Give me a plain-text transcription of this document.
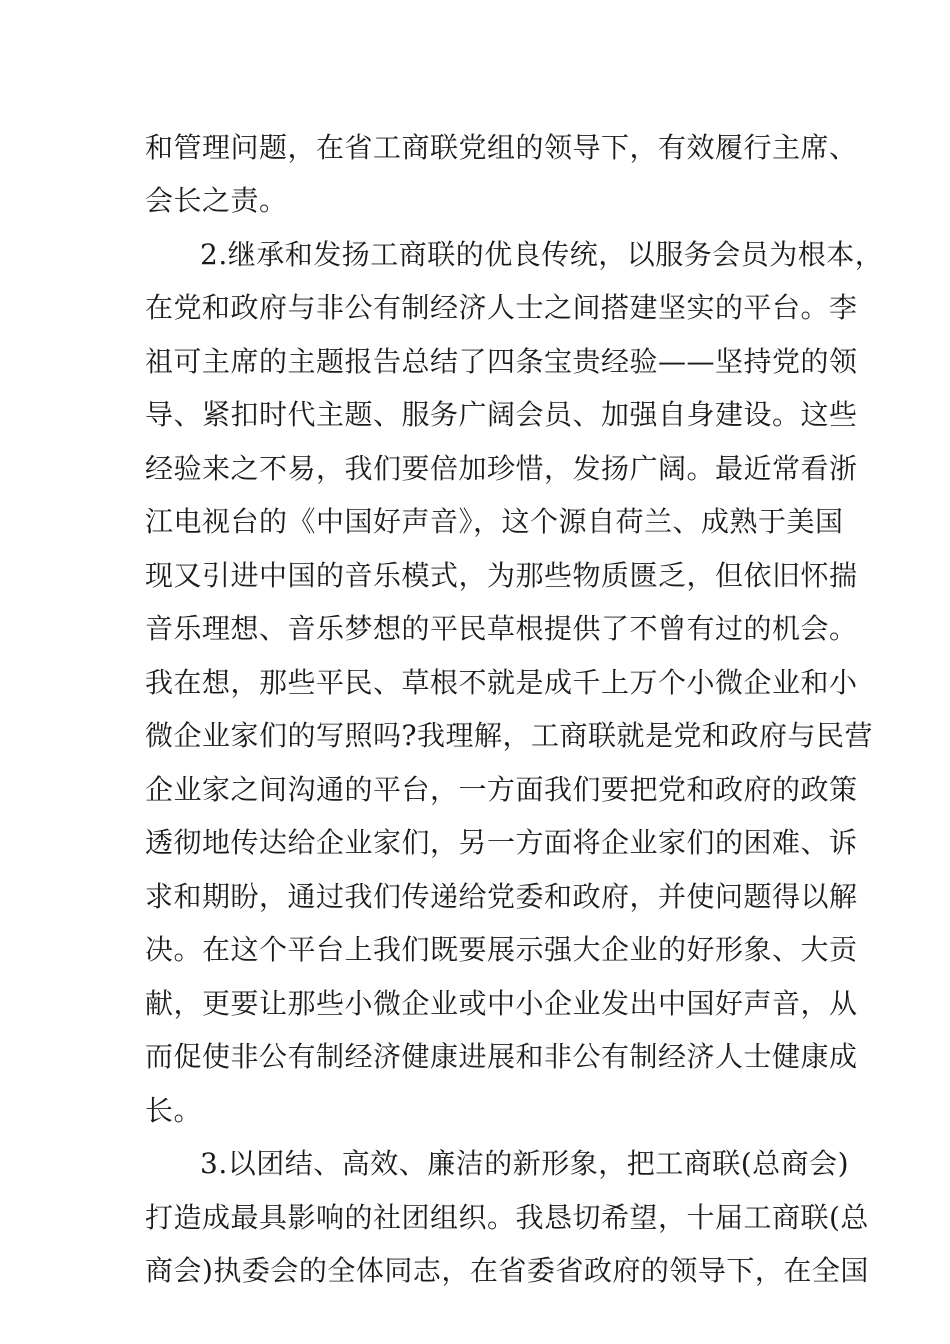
和管理问题，在省工商联党组的领导下，有效履行主席、
会长之责。
2.继承和发扬工商联的优良传统，以服务会员为根本，
在党和政府与非公有制经济人士之间搭建坚实的平台。李
祖可主席的主题报告总结了四条宝贵经验——坚持党的领
导、紧扣时代主题、服务广阔会员、加强自身建设。这些
经验来之不易，我们要倍加珍惜，发扬广阔。最近常看浙
江电视台的《中国好声音》，这个源自荷兰、成熟于美国
现又引进中国的音乐模式，为那些物质匮乏，但依旧怀揣
音乐理想、音乐梦想的平民草根提供了不曾有过的机会。
我在想，那些平民、草根不就是成千上万个小微企业和小
微企业家们的写照吗?我理解，工商联就是党和政府与民营
企业家之间沟通的平台，一方面我们要把党和政府的政策
透彻地传达给企业家们，另一方面将企业家们的困难、诉
求和期盼，通过我们传递给党委和政府，并使问题得以解
决。在这个平台上我们既要展示强大企业的好形象、大贡
献，更要让那些小微企业或中小企业发出中国好声音，从
而促使非公有制经济健康进展和非公有制经济人士健康成
长。
3.以团结、高效、廉洁的新形象，把工商联(总商会)
打造成最具影响的社团组织。我恳切希望，十届工商联(总
商会)执委会的全体同志，在省委省政府的领导下，在全国
